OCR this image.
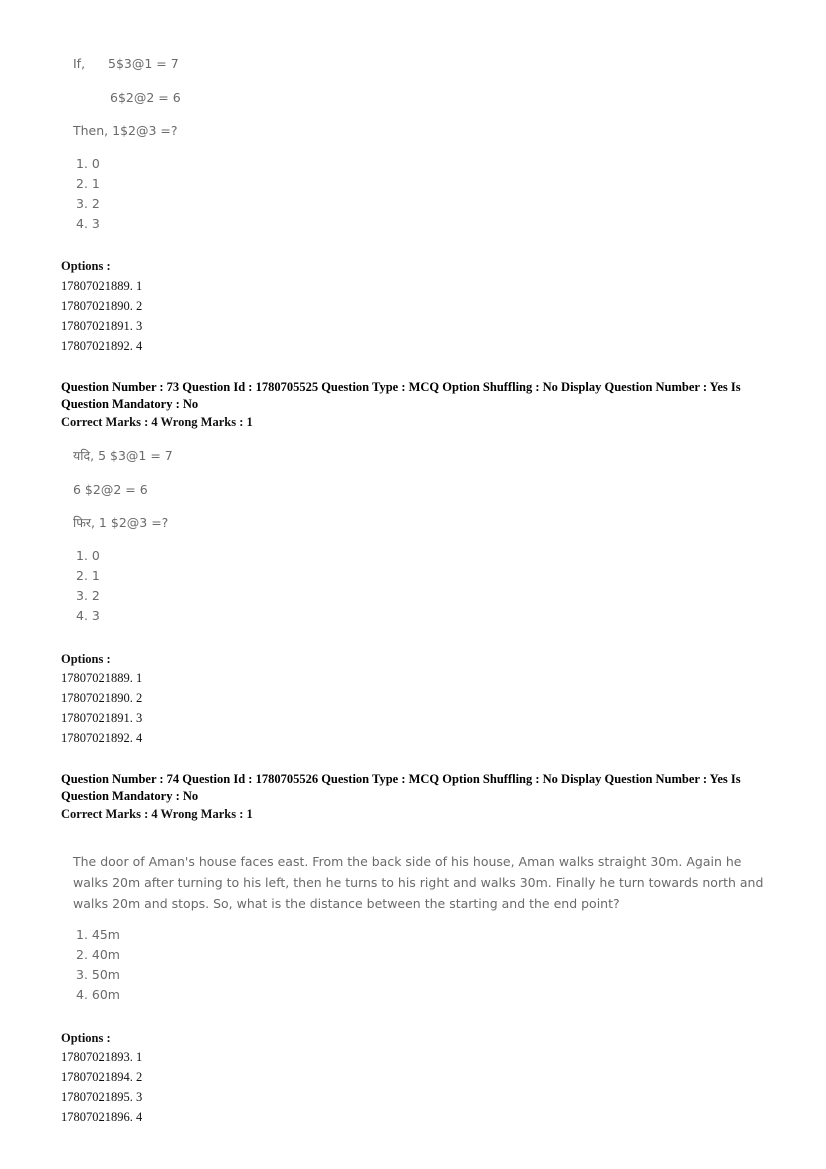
If, 5$3@1 = 7
6$2@2 = 6
Then, 1$2@3 =?
1. 0
2. 1
3. 2
4. 3
Options :
17807021889. 1
17807021890. 2
17807021891. 3
17807021892. 4
Question Number : 73 Question Id : 1780705525 Question Type : MCQ Option Shuffling : No Display Question Number : Yes Is Question Mandatory : No
Correct Marks : 4 Wrong Marks : 1
यदि, 5 $3@1 = 7
6 $2@2 = 6
फिर, 1 $2@3 =?
1. 0
2. 1
3. 2
4. 3
Options :
17807021889. 1
17807021890. 2
17807021891. 3
17807021892. 4
Question Number : 74 Question Id : 1780705526 Question Type : MCQ Option Shuffling : No Display Question Number : Yes Is Question Mandatory : No
Correct Marks : 4 Wrong Marks : 1
The door of Aman's house faces east. From the back side of his house, Aman walks straight 30m. Again he walks 20m after turning to his left, then he turns to his right and walks 30m. Finally he turn towards north and walks 20m and stops. So, what is the distance between the starting and the end point?
1. 45m
2. 40m
3. 50m
4. 60m
Options :
17807021893. 1
17807021894. 2
17807021895. 3
17807021896. 4
